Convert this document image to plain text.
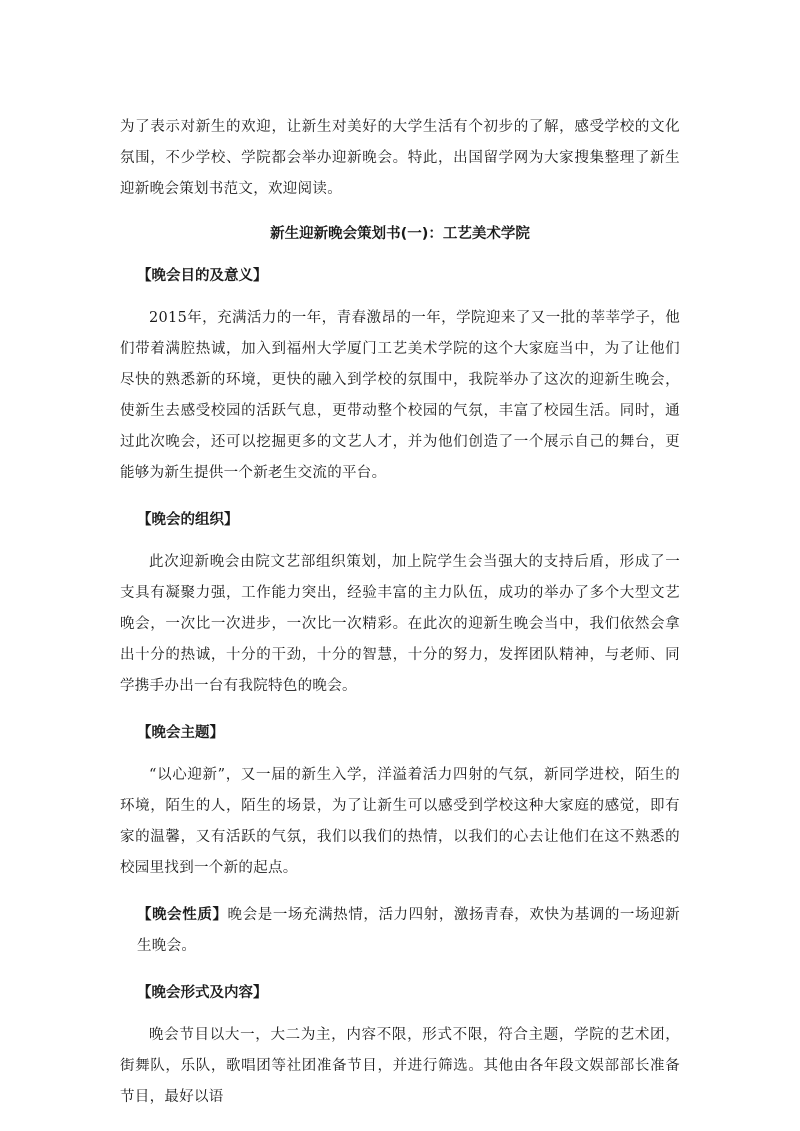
为了表示对新生的欢迎，让新生对美好的大学生活有个初步的了解，感受学校的文化氛围，不少学校、学院都会举办迎新晚会。特此，出国留学网为大家搜集整理了新生迎新晚会策划书范文，欢迎阅读。

新生迎新晚会策划书(一)：工艺美术学院

【晚会目的及意义】

2015年，充满活力的一年，青春激昂的一年，学院迎来了又一批的莘莘学子，他们带着满腔热诚，加入到福州大学厦门工艺美术学院的这个大家庭当中，为了让他们尽快的熟悉新的环境，更快的融入到学校的氛围中，我院举办了这次的迎新生晚会，使新生去感受校园的活跃气息，更带动整个校园的气氛，丰富了校园生活。同时，通过此次晚会，还可以挖掘更多的文艺人才，并为他们创造了一个展示自己的舞台，更能够为新生提供一个新老生交流的平台。

【晚会的组织】

此次迎新晚会由院文艺部组织策划，加上院学生会当强大的支持后盾，形成了一支具有凝聚力强，工作能力突出，经验丰富的主力队伍，成功的举办了多个大型文艺晚会，一次比一次进步，一次比一次精彩。在此次的迎新生晚会当中，我们依然会拿出十分的热诚，十分的干劲，十分的智慧，十分的努力，发挥团队精神，与老师、同学携手办出一台有我院特色的晚会。

【晚会主题】

“以心迎新”，又一届的新生入学，洋溢着活力四射的气氛，新同学进校，陌生的环境，陌生的人，陌生的场景，为了让新生可以感受到学校这种大家庭的感觉，即有家的温馨，又有活跃的气氛，我们以我们的热情，以我们的心去让他们在这不熟悉的校园里找到一个新的起点。

【晚会性质】晚会是一场充满热情，活力四射，激扬青春，欢快为基调的一场迎新生晚会。

【晚会形式及内容】

晚会节目以大一，大二为主，内容不限，形式不限，符合主题，学院的艺术团，街舞队，乐队，歌唱团等社团准备节目，并进行筛选。其他由各年段文娱部部长准备节目，最好以语
